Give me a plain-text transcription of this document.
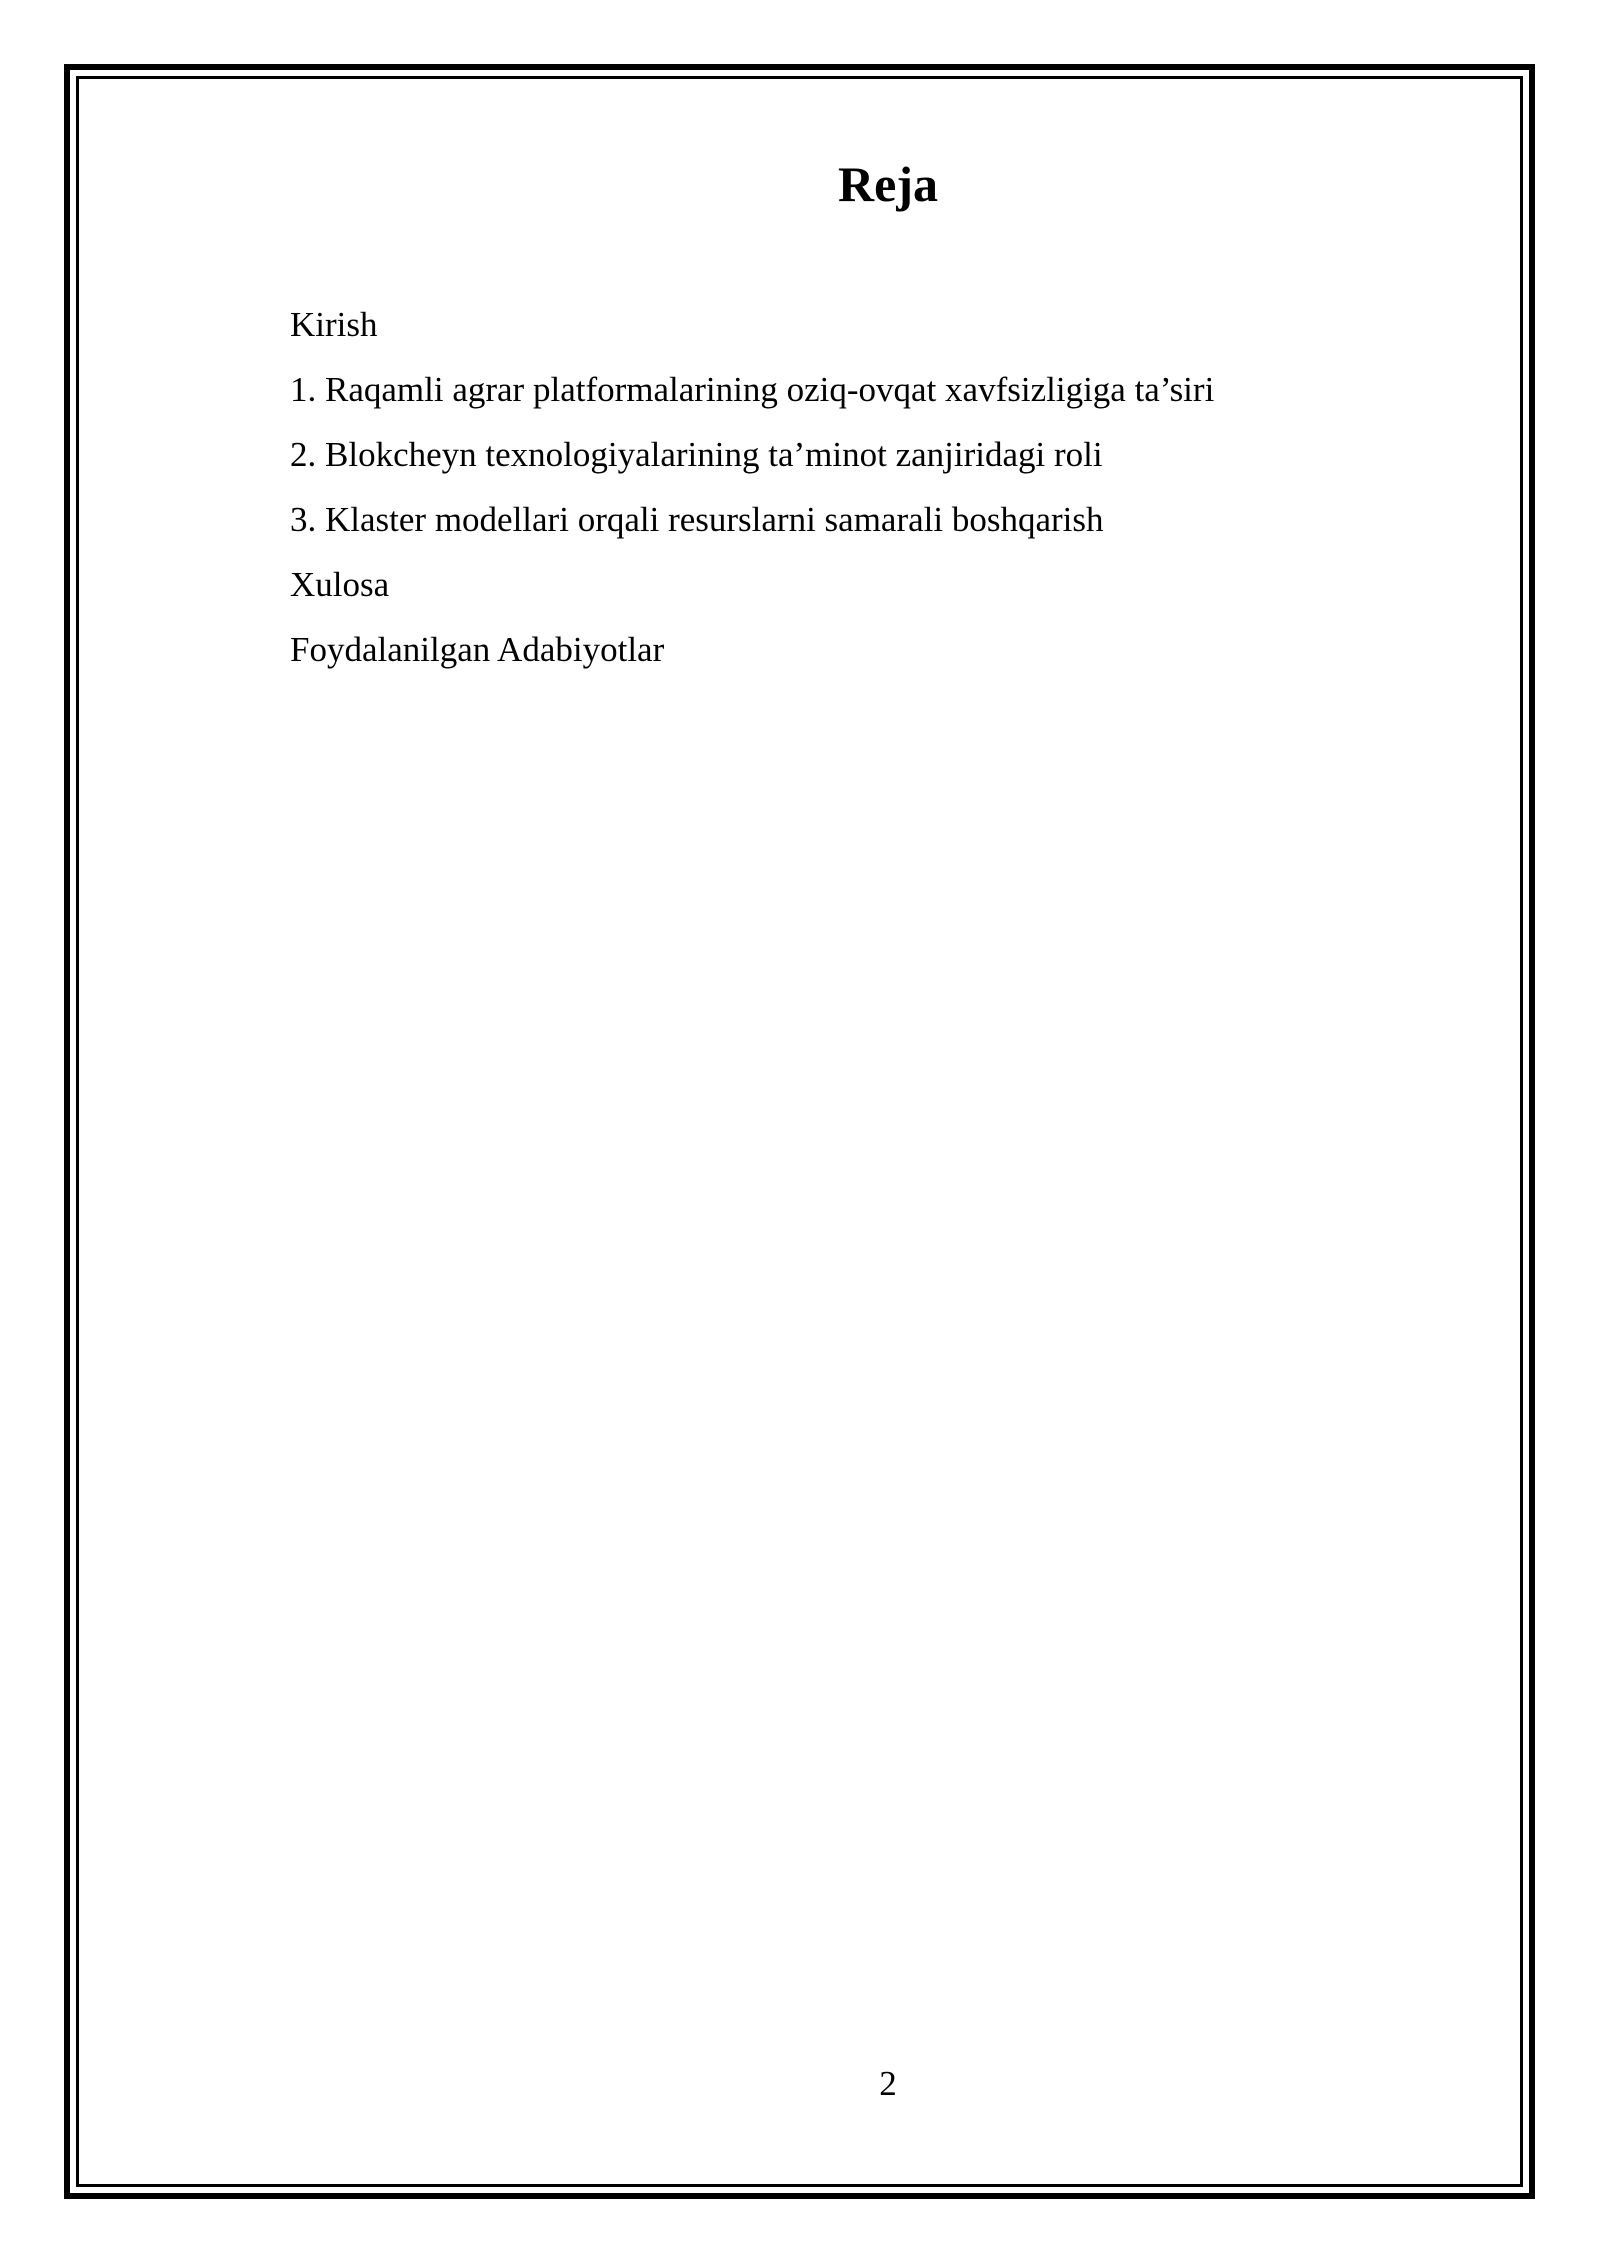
Reja
Kirish
1. Raqamli agrar platformalarining oziq-ovqat xavfsizligiga ta’siri
2. Blokcheyn texnologiyalarining ta’minot zanjiridagi roli
3. Klaster modellari orqali resurslarni samarali boshqarish
Xulosa
Foydalanilgan Adabiyotlar
2
